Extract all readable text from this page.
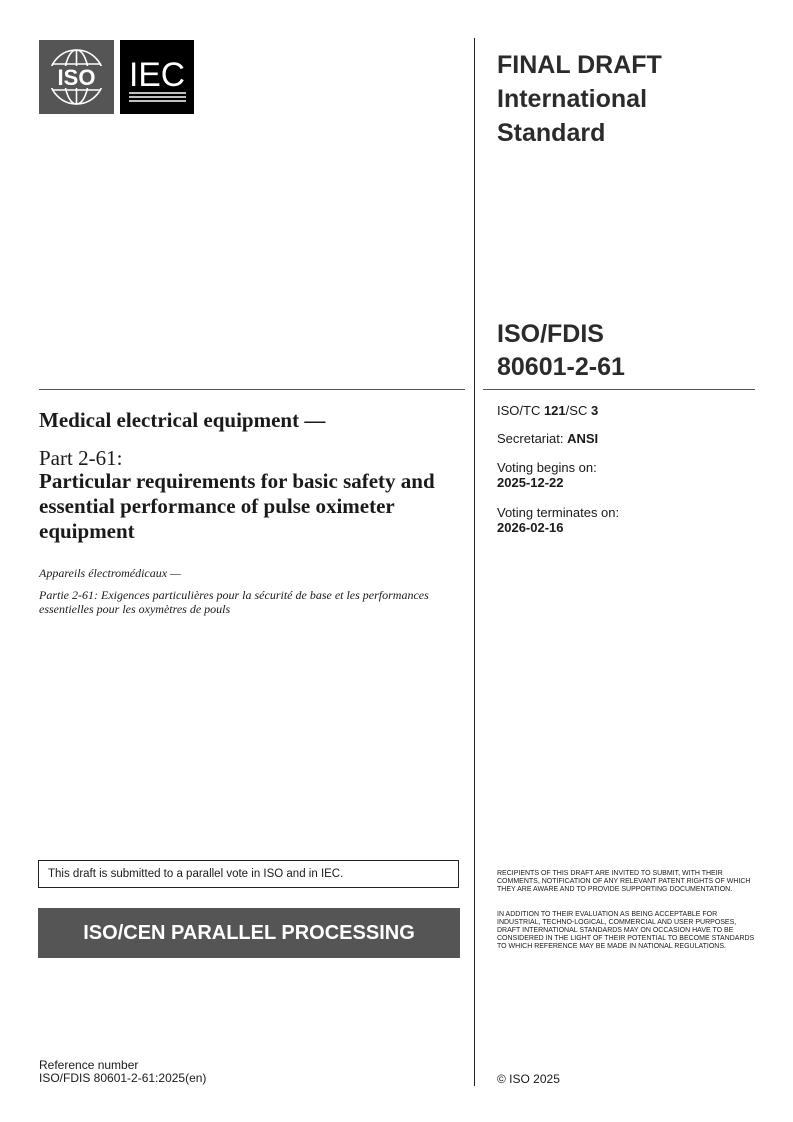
ISO IEC	FINAL DRAFT
International
Standard
ISO/FDIS
80601-2-61
ISO/TC 121/SC 3
Secretariat: ANSI
Voting begins on:
2025-12-22
Voting terminates on:
2026-02-16
Medical electrical equipment —
Part 2-61:
Particular requirements for basic safety and essential performance of pulse oximeter equipment
Appareils électromédicaux —
Partie 2-61: Exigences particulières pour la sécurité de base et les performances essentielles pour les oxymètres de pouls
This draft is submitted to a parallel vote in ISO and in IEC.
ISO/CEN PARALLEL PROCESSING
RECIPIENTS OF THIS DRAFT ARE INVITED TO SUBMIT, WITH THEIR COMMENTS, NOTIFICATION OF ANY RELEVANT PATENT RIGHTS OF WHICH THEY ARE AWARE AND TO PROVIDE SUPPORTING DOCUMENTATION.
IN ADDITION TO THEIR EVALUATION AS BEING ACCEPTABLE FOR INDUSTRIAL, TECHNO-LOGICAL, COMMERCIAL AND USER PURPOSES, DRAFT INTERNATIONAL STANDARDS MAY ON OCCASION HAVE TO BE CONSIDERED IN THE LIGHT OF THEIR POTENTIAL TO BECOME STANDARDS TO WHICH REFERENCE MAY BE MADE IN NATIONAL REGULATIONS.
Reference number
ISO/FDIS 80601-2-61:2025(en)	© ISO 2025
